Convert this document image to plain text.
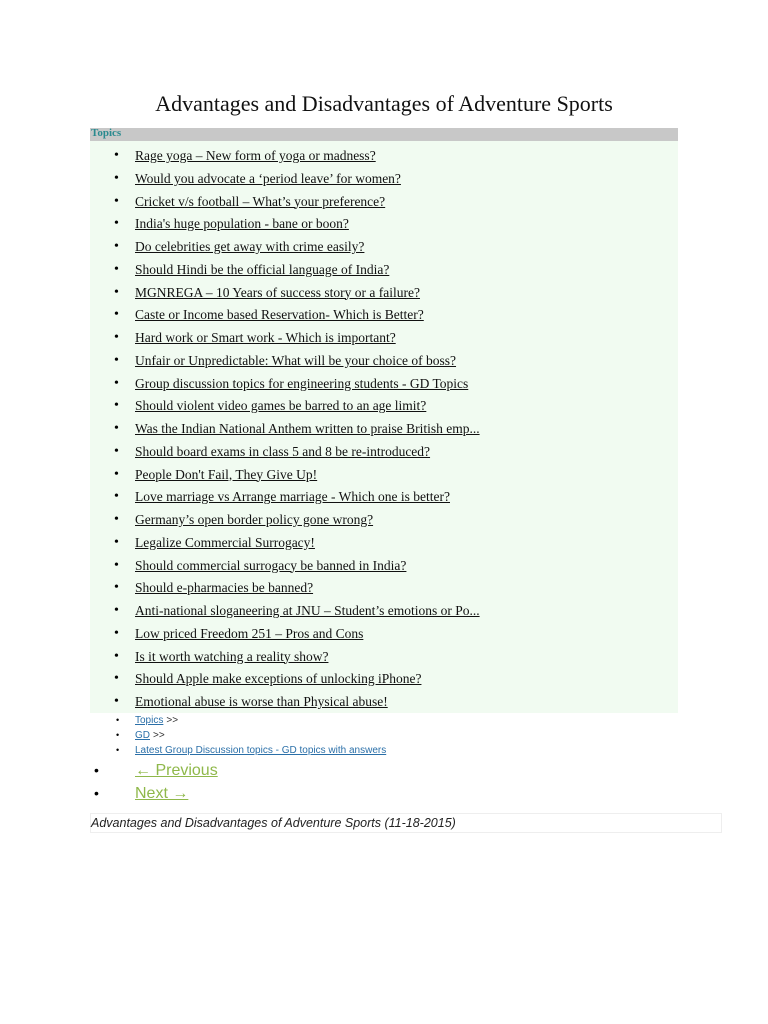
Advantages and Disadvantages of Adventure Sports
Topics
• Rage yoga – New form of yoga or madness?
• Would you advocate a ‘period leave’ for women?
• Cricket v/s football – What’s your preference?
• India's huge population - bane or boon?
• Do celebrities get away with crime easily?
• Should Hindi be the official language of India?
• MGNREGA – 10 Years of success story or a failure?
• Caste or Income based Reservation- Which is Better?
• Hard work or Smart work - Which is important?
• Unfair or Unpredictable: What will be your choice of boss?
• Group discussion topics for engineering students - GD Topics
• Should violent video games be barred to an age limit?
• Was the Indian National Anthem written to praise British emp...
• Should board exams in class 5 and 8 be re-introduced?
• People Don't Fail, They Give Up!
• Love marriage vs Arrange marriage - Which one is better?
• Germany’s open border policy gone wrong?
• Legalize Commercial Surrogacy!
• Should commercial surrogacy be banned in India?
• Should e-pharmacies be banned?
• Anti-national sloganeering at JNU – Student’s emotions or Po...
• Low priced Freedom 251 – Pros and Cons
• Is it worth watching a reality show?
• Should Apple make exceptions of unlocking iPhone?
• Emotional abuse is worse than Physical abuse!
• Topics >>
• GD >>
• Latest Group Discussion topics - GD topics with answers
• ← Previous
• Next →
Advantages and Disadvantages of Adventure Sports (11-18-2015)
